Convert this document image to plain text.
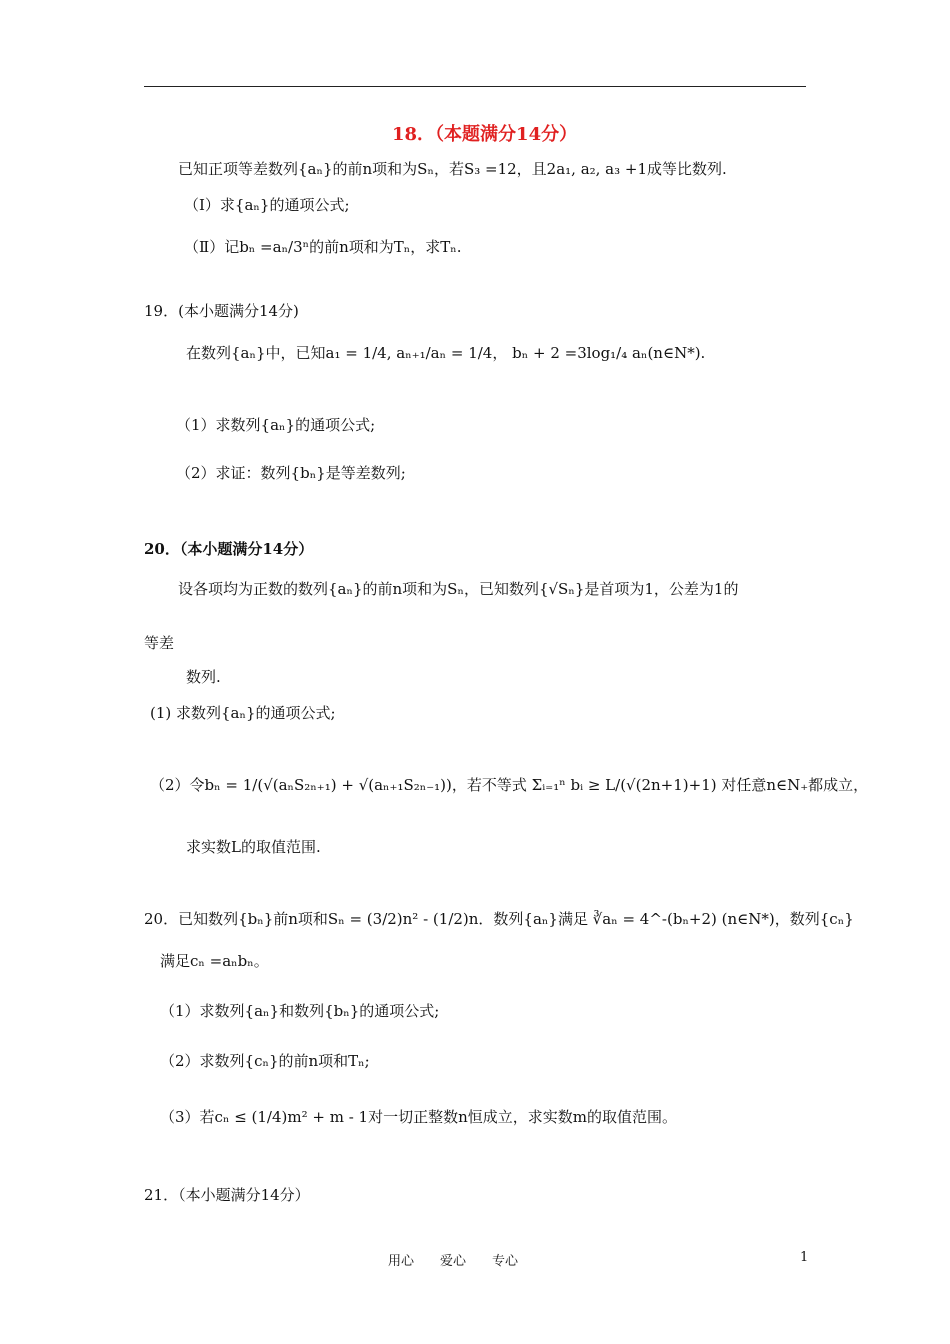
18．（本题满分14分）
已知正项等差数列{aₙ}的前n项和为Sₙ，若S₃ =12，且2a₁, a₂, a₃ +1成等比数列.
（Ⅰ）求{aₙ}的通项公式;
（Ⅱ）记bₙ =aₙ/3ⁿ的前n项和为Tₙ，求Tₙ.
19．(本小题满分14分)
在数列{aₙ}中，已知a₁ = 1/4, aₙ₊₁/aₙ = 1/4， bₙ + 2 =3log₁/₄ aₙ(n∈N*).
（1）求数列{aₙ}的通项公式;
（2）求证：数列{bₙ}是等差数列;
20．（本小题满分14分）
设各项均为正数的数列{aₙ}的前n项和为Sₙ，已知数列{√Sₙ}是首项为1，公差为1的
等差
数列.
(1) 求数列{aₙ}的通项公式;
（2）令bₙ = 1/(√(aₙS₂ₙ₊₁) + √(aₙ₊₁S₂ₙ₋₁))，若不等式 Σᵢ₌₁ⁿ bᵢ ≥ L/(√(2n+1)+1) 对任意n∈N₊都成立，
求实数L的取值范围.
20．已知数列{bₙ}前n项和Sₙ = (3/2)n² - (1/2)n．数列{aₙ}满足 ∛aₙ = 4^-(bₙ+2) (n∈N*)，数列{cₙ}
满足cₙ =aₙbₙ。
（1）求数列{aₙ}和数列{bₙ}的通项公式;
（2）求数列{cₙ}的前n项和Tₙ;
（3）若cₙ ≤ (1/4)m² + m - 1对一切正整数n恒成立，求实数m的取值范围。
21．（本小题满分14分）
用心　　爱心　　专心	1
